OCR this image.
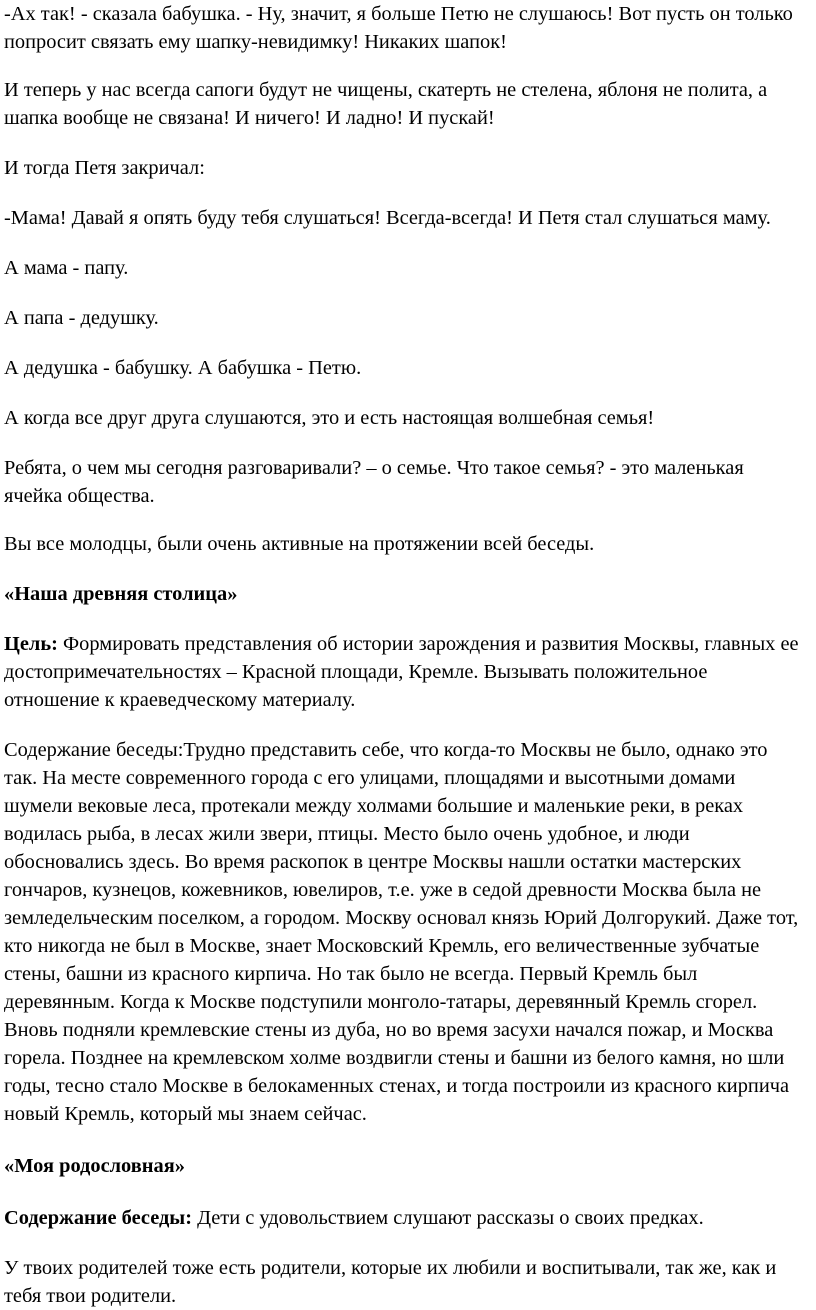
-Ах так! - сказала бабушка. - Ну, значит, я больше Петю не слушаюсь! Вот пусть он только попросит связать ему шапку-невидимку! Никаких шапок!

И теперь у нас всегда сапоги будут не чищены, скатерть не стелена, яблоня не полита, а шапка вообще не связана! И ничего! И ладно! И пускай!

И тогда Петя закричал:

-Мама! Давай я опять буду тебя слушаться! Всегда-всегда! И Петя стал слушаться маму.

А мама - папу.

А папа - дедушку.

А дедушка - бабушку. А бабушка - Петю.

А когда все друг друга слушаются, это и есть настоящая волшебная семья!

Ребята, о чем мы сегодня разговаривали? – о семье. Что такое семья? - это маленькая ячейка общества.

Вы все молодцы, были очень активные на протяжении всей беседы.

«Наша древняя столица»

Цель: Формировать представления об истории зарождения и развития Москвы, главных ее достопримечательностях – Красной площади, Кремле. Вызывать положительное отношение к краеведческому материалу.

Содержание беседы:Трудно представить себе, что когда-то Москвы не было, однако это так. На месте современного города с его улицами, площадями и высотными домами шумели вековые леса, протекали между холмами большие и маленькие реки, в реках водилась рыба, в лесах жили звери, птицы. Место было очень удобное, и люди обосновались здесь. Во время раскопок в центре Москвы нашли остатки мастерских гончаров, кузнецов, кожевников, ювелиров, т.е. уже в седой древности Москва была не земледельческим поселком, а городом. Москву основал князь Юрий Долгорукий. Даже тот, кто никогда не был в Москве, знает Московский Кремль, его величественные зубчатые стены, башни из красного кирпича. Но так было не всегда. Первый Кремль был деревянным. Когда к Москве подступили монголо-татары, деревянный Кремль сгорел. Вновь подняли кремлевские стены из дуба, но во время засухи начался пожар, и Москва горела. Позднее на кремлевском холме воздвигли стены и башни из белого камня, но шли годы, тесно стало Москве в белокаменных стенах, и тогда построили из красного кирпича новый Кремль, который мы знаем сейчас.

«Моя родословная»

Содержание беседы: Дети с удовольствием слушают рассказы о своих предках.

У твоих родителей тоже есть родители, которые их любили и воспитывали, так же, как и тебя твои родители.
